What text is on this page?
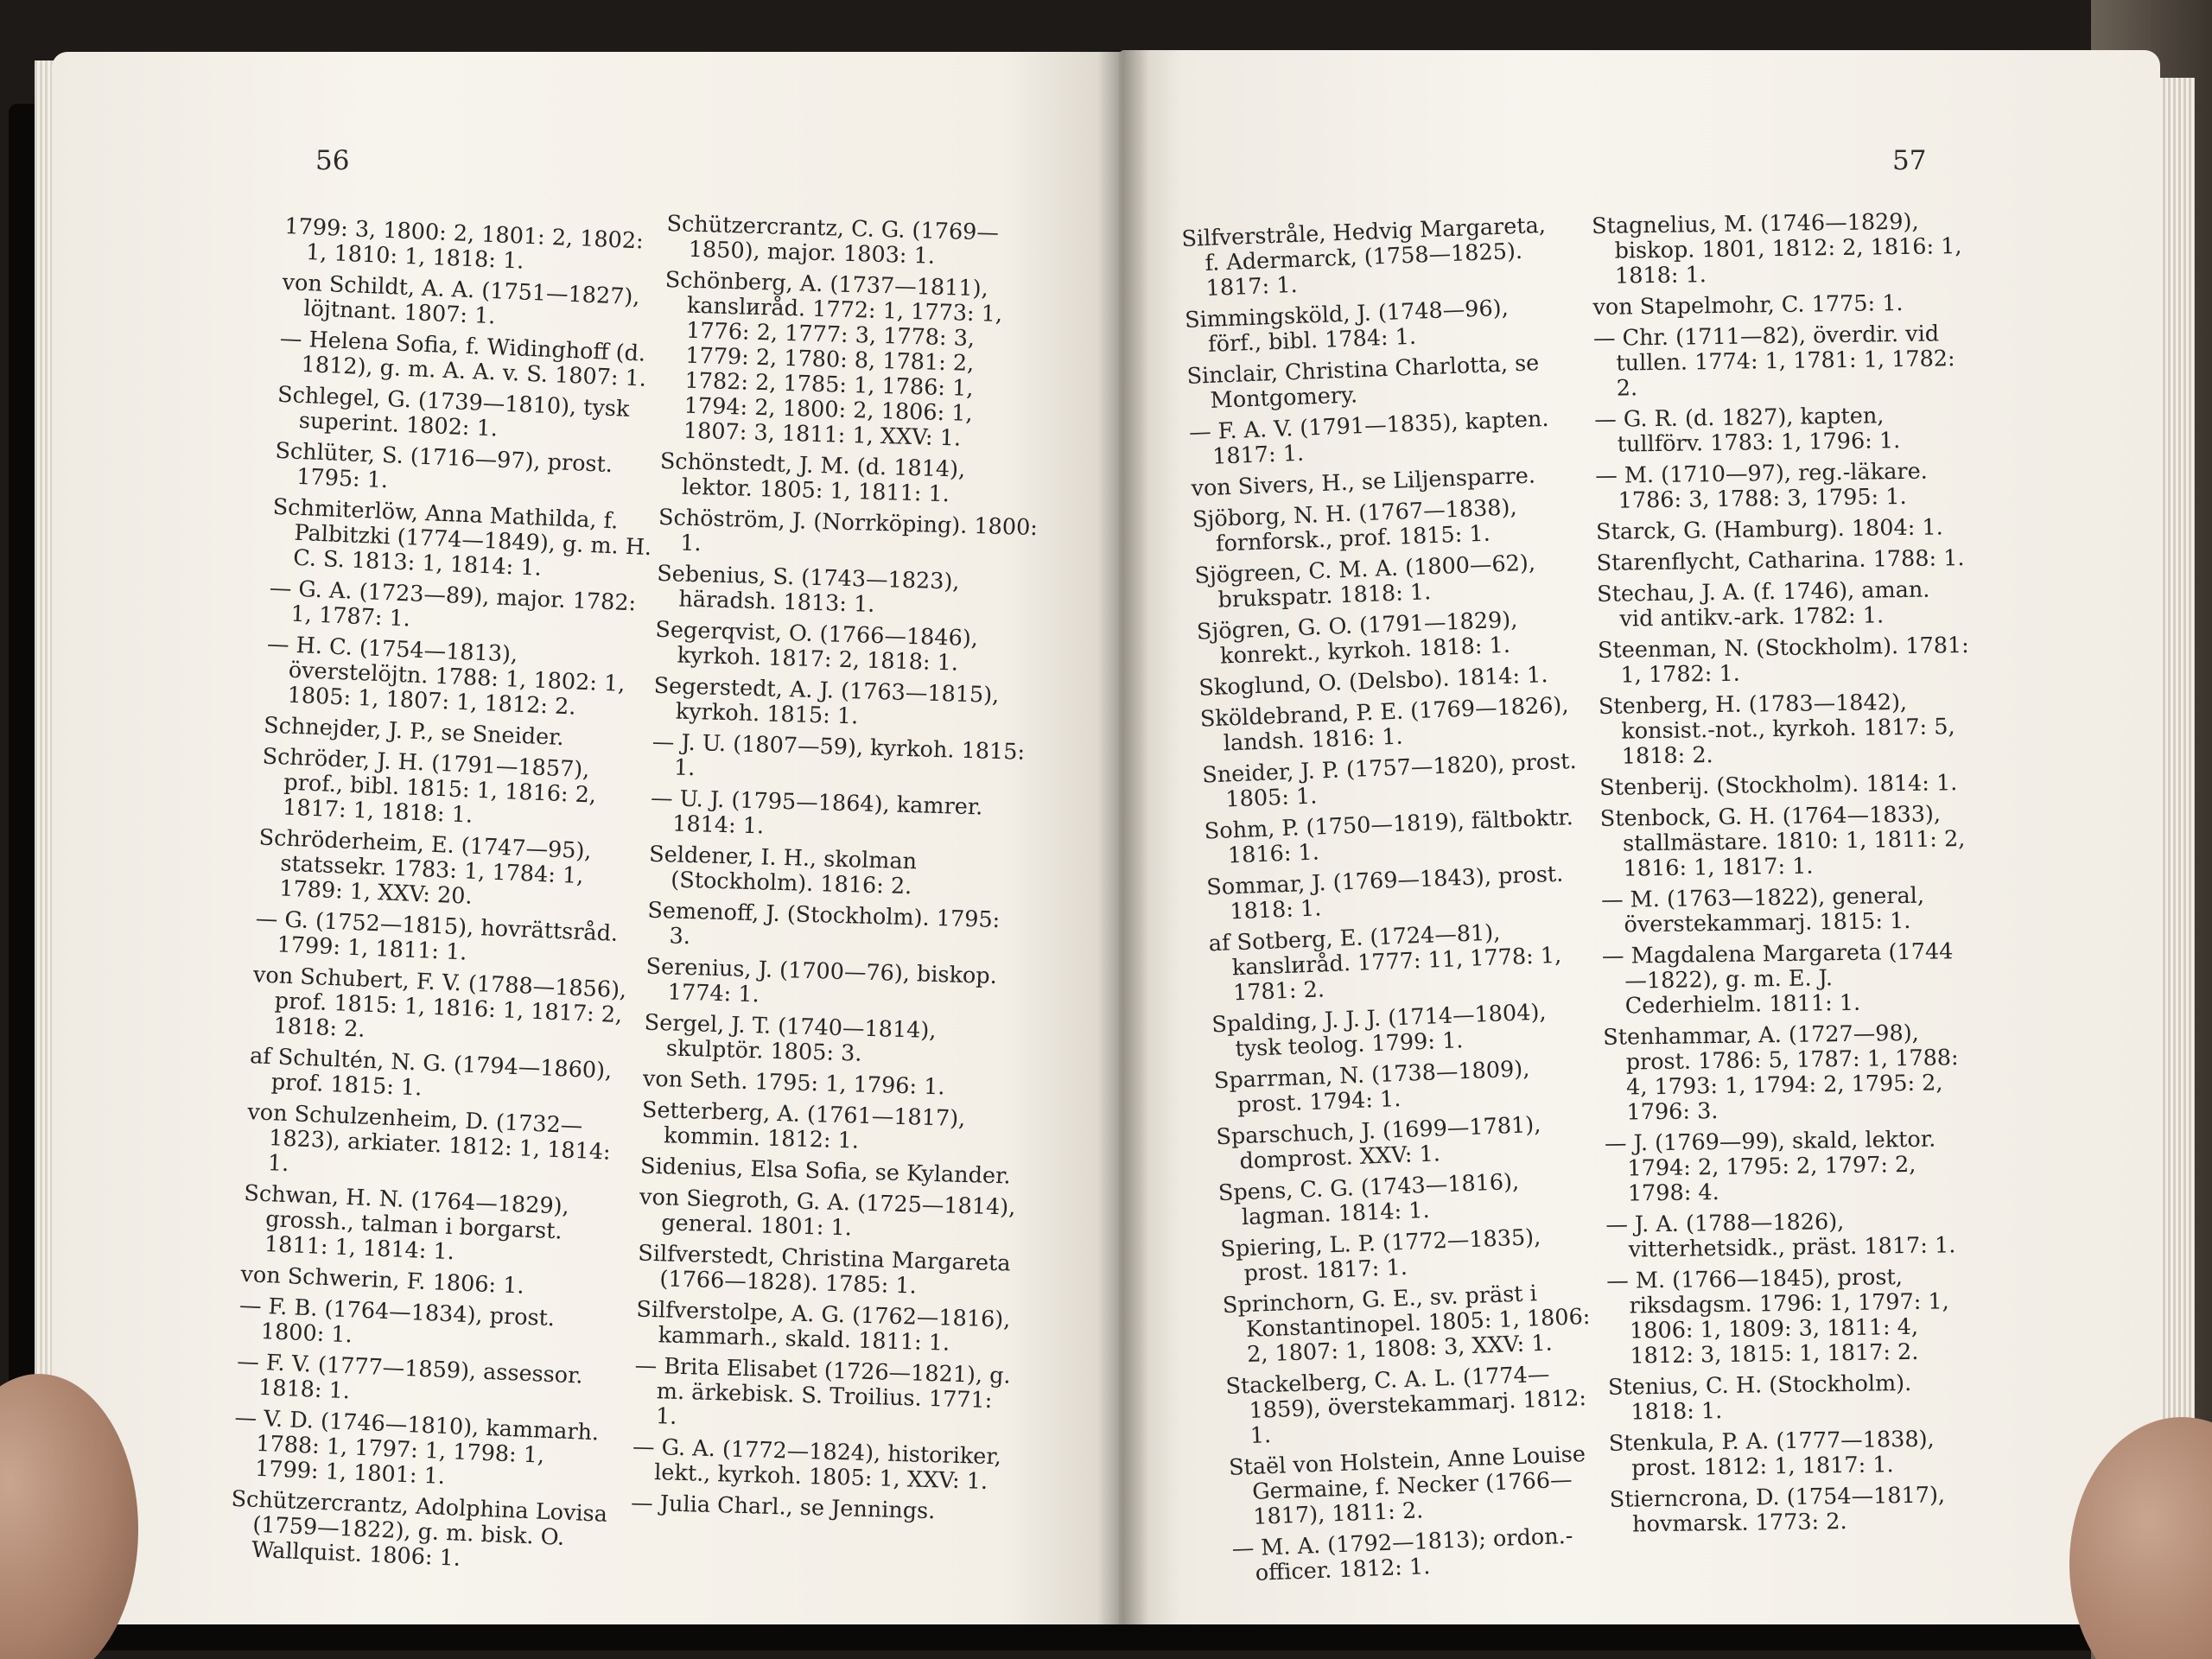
56
1799: 3, 1800: 2, 1801: 2, 1802: 1, 1810: 1, 1818: 1.
von Schildt, A. A. (1751—1827), löjtnant. 1807: 1.
— Helena Sofia, f. Widinghoff (d. 1812), g. m. A. A. v. S. 1807: 1.
Schlegel, G. (1739—1810), tysk superint. 1802: 1.
Schlüter, S. (1716—97), prost. 1795: 1.
Schmiterlöw, Anna Mathilda, f. Palbitzki (1774—1849), g. m. H. C. S. 1813: 1, 1814: 1.
— G. A. (1723—89), major. 1782: 1, 1787: 1.
— H. C. (1754—1813), överstelöjtn. 1788: 1, 1802: 1, 1805: 1, 1807: 1, 1812: 2.
Schnejder, J. P., se Sneider.
Schröder, J. H. (1791—1857), prof., bibl. 1815: 1, 1816: 2, 1817: 1, 1818: 1.
Schröderheim, E. (1747—95), statssekr. 1783: 1, 1784: 1, 1789: 1, XXV: 20.
— G. (1752—1815), hovrättsråd. 1799: 1, 1811: 1.
von Schubert, F. V. (1788—1856), prof. 1815: 1, 1816: 1, 1817: 2, 1818: 2.
af Schultén, N. G. (1794—1860), prof. 1815: 1.
von Schulzenheim, D. (1732—1823), arkiater. 1812: 1, 1814: 1.
Schwan, H. N. (1764—1829), grossh., talman i borgarst. 1811: 1, 1814: 1.
von Schwerin, F. 1806: 1.
— F. B. (1764—1834), prost. 1800: 1.
— F. V. (1777—1859), assessor. 1818: 1.
— V. D. (1746—1810), kammarh. 1788: 1, 1797: 1, 1798: 1, 1799: 1, 1801: 1.
Schützercrantz, Adolphina Lovisa (1759—1822), g. m. bisk. O. Wallquist. 1806: 1.
Schützercrantz, C. G. (1769—1850), major. 1803: 1.
Schönberg, A. (1737—1811), kanslиråd. 1772: 1, 1773: 1, 1776: 2, 1777: 3, 1778: 3, 1779: 2, 1780: 8, 1781: 2, 1782: 2, 1785: 1, 1786: 1, 1794: 2, 1800: 2, 1806: 1, 1807: 3, 1811: 1, XXV: 1.
Schönstedt, J. M. (d. 1814), lektor. 1805: 1, 1811: 1.
Schöström, J. (Norrköping). 1800: 1.
Sebenius, S. (1743—1823), häradsh. 1813: 1.
Segerqvist, O. (1766—1846), kyrkoh. 1817: 2, 1818: 1.
Segerstedt, A. J. (1763—1815), kyrkoh. 1815: 1.
— J. U. (1807—59), kyrkoh. 1815: 1.
— U. J. (1795—1864), kamrer. 1814: 1.
Seldener, I. H., skolman (Stockholm). 1816: 2.
Semenoff, J. (Stockholm). 1795: 3.
Serenius, J. (1700—76), biskop. 1774: 1.
Sergel, J. T. (1740—1814), skulptör. 1805: 3.
von Seth. 1795: 1, 1796: 1.
Setterberg, A. (1761—1817), kommin. 1812: 1.
Sidenius, Elsa Sofia, se Kylander.
von Siegroth, G. A. (1725—1814), general. 1801: 1.
Silfverstedt, Christina Margareta (1766—1828). 1785: 1.
Silfverstolpe, A. G. (1762—1816), kammarh., skald. 1811: 1.
— Brita Elisabet (1726—1821), g. m. ärkebisk. S. Troilius. 1771: 1.
— G. A. (1772—1824), historiker, lekt., kyrkoh. 1805: 1, XXV: 1.
— Julia Charl., se Jennings.
57
Silfverstråle, Hedvig Margareta, f. Adermarck, (1758—1825). 1817: 1.
Simmingsköld, J. (1748—96), förf., bibl. 1784: 1.
Sinclair, Christina Charlotta, se Montgomery.
— F. A. V. (1791—1835), kapten. 1817: 1.
von Sivers, H., se Liljensparre.
Sjöborg, N. H. (1767—1838), fornforsk., prof. 1815: 1.
Sjögreen, C. M. A. (1800—62), brukspatr. 1818: 1.
Sjögren, G. O. (1791—1829), konrekt., kyrkoh. 1818: 1.
Skoglund, O. (Delsbo). 1814: 1.
Sköldebrand, P. E. (1769—1826), landsh. 1816: 1.
Sneider, J. P. (1757—1820), prost. 1805: 1.
Sohm, P. (1750—1819), fältboktr. 1816: 1.
Sommar, J. (1769—1843), prost. 1818: 1.
af Sotberg, E. (1724—81), kanslиråd. 1777: 11, 1778: 1, 1781: 2.
Spalding, J. J. J. (1714—1804), tysk teolog. 1799: 1.
Sparrman, N. (1738—1809), prost. 1794: 1.
Sparschuch, J. (1699—1781), domprost. XXV: 1.
Spens, C. G. (1743—1816), lagman. 1814: 1.
Spiering, L. P. (1772—1835), prost. 1817: 1.
Sprinchorn, G. E., sv. präst i Konstantinopel. 1805: 1, 1806: 2, 1807: 1, 1808: 3, XXV: 1.
Stackelberg, C. A. L. (1774—1859), överstekammarj. 1812: 1.
Staël von Holstein, Anne Louise Germaine, f. Necker (1766—1817), 1811: 2.
— M. A. (1792—1813); ordon.-officer. 1812: 1.
Stagnelius, M. (1746—1829), biskop. 1801, 1812: 2, 1816: 1, 1818: 1.
von Stapelmohr, C. 1775: 1.
— Chr. (1711—82), överdir. vid tullen. 1774: 1, 1781: 1, 1782: 2.
— G. R. (d. 1827), kapten, tullförv. 1783: 1, 1796: 1.
— M. (1710—97), reg.-läkare. 1786: 3, 1788: 3, 1795: 1.
Starck, G. (Hamburg). 1804: 1.
Starenflycht, Catharina. 1788: 1.
Stechau, J. A. (f. 1746), aman. vid antikv.-ark. 1782: 1.
Steenman, N. (Stockholm). 1781: 1, 1782: 1.
Stenberg, H. (1783—1842), konsist.-not., kyrkoh. 1817: 5, 1818: 2.
Stenberij. (Stockholm). 1814: 1.
Stenbock, G. H. (1764—1833), stallmästare. 1810: 1, 1811: 2, 1816: 1, 1817: 1.
— M. (1763—1822), general, överstekammarj. 1815: 1.
— Magdalena Margareta (1744—1822), g. m. E. J. Cederhielm. 1811: 1.
Stenhammar, A. (1727—98), prost. 1786: 5, 1787: 1, 1788: 4, 1793: 1, 1794: 2, 1795: 2, 1796: 3.
— J. (1769—99), skald, lektor. 1794: 2, 1795: 2, 1797: 2, 1798: 4.
— J. A. (1788—1826), vitterhetsidk., präst. 1817: 1.
— M. (1766—1845), prost, riksdagsm. 1796: 1, 1797: 1, 1806: 1, 1809: 3, 1811: 4, 1812: 3, 1815: 1, 1817: 2.
Stenius, C. H. (Stockholm). 1818: 1.
Stenkula, P. A. (1777—1838), prost. 1812: 1, 1817: 1.
Stierncrona, D. (1754—1817), hovmarsk. 1773: 2.
